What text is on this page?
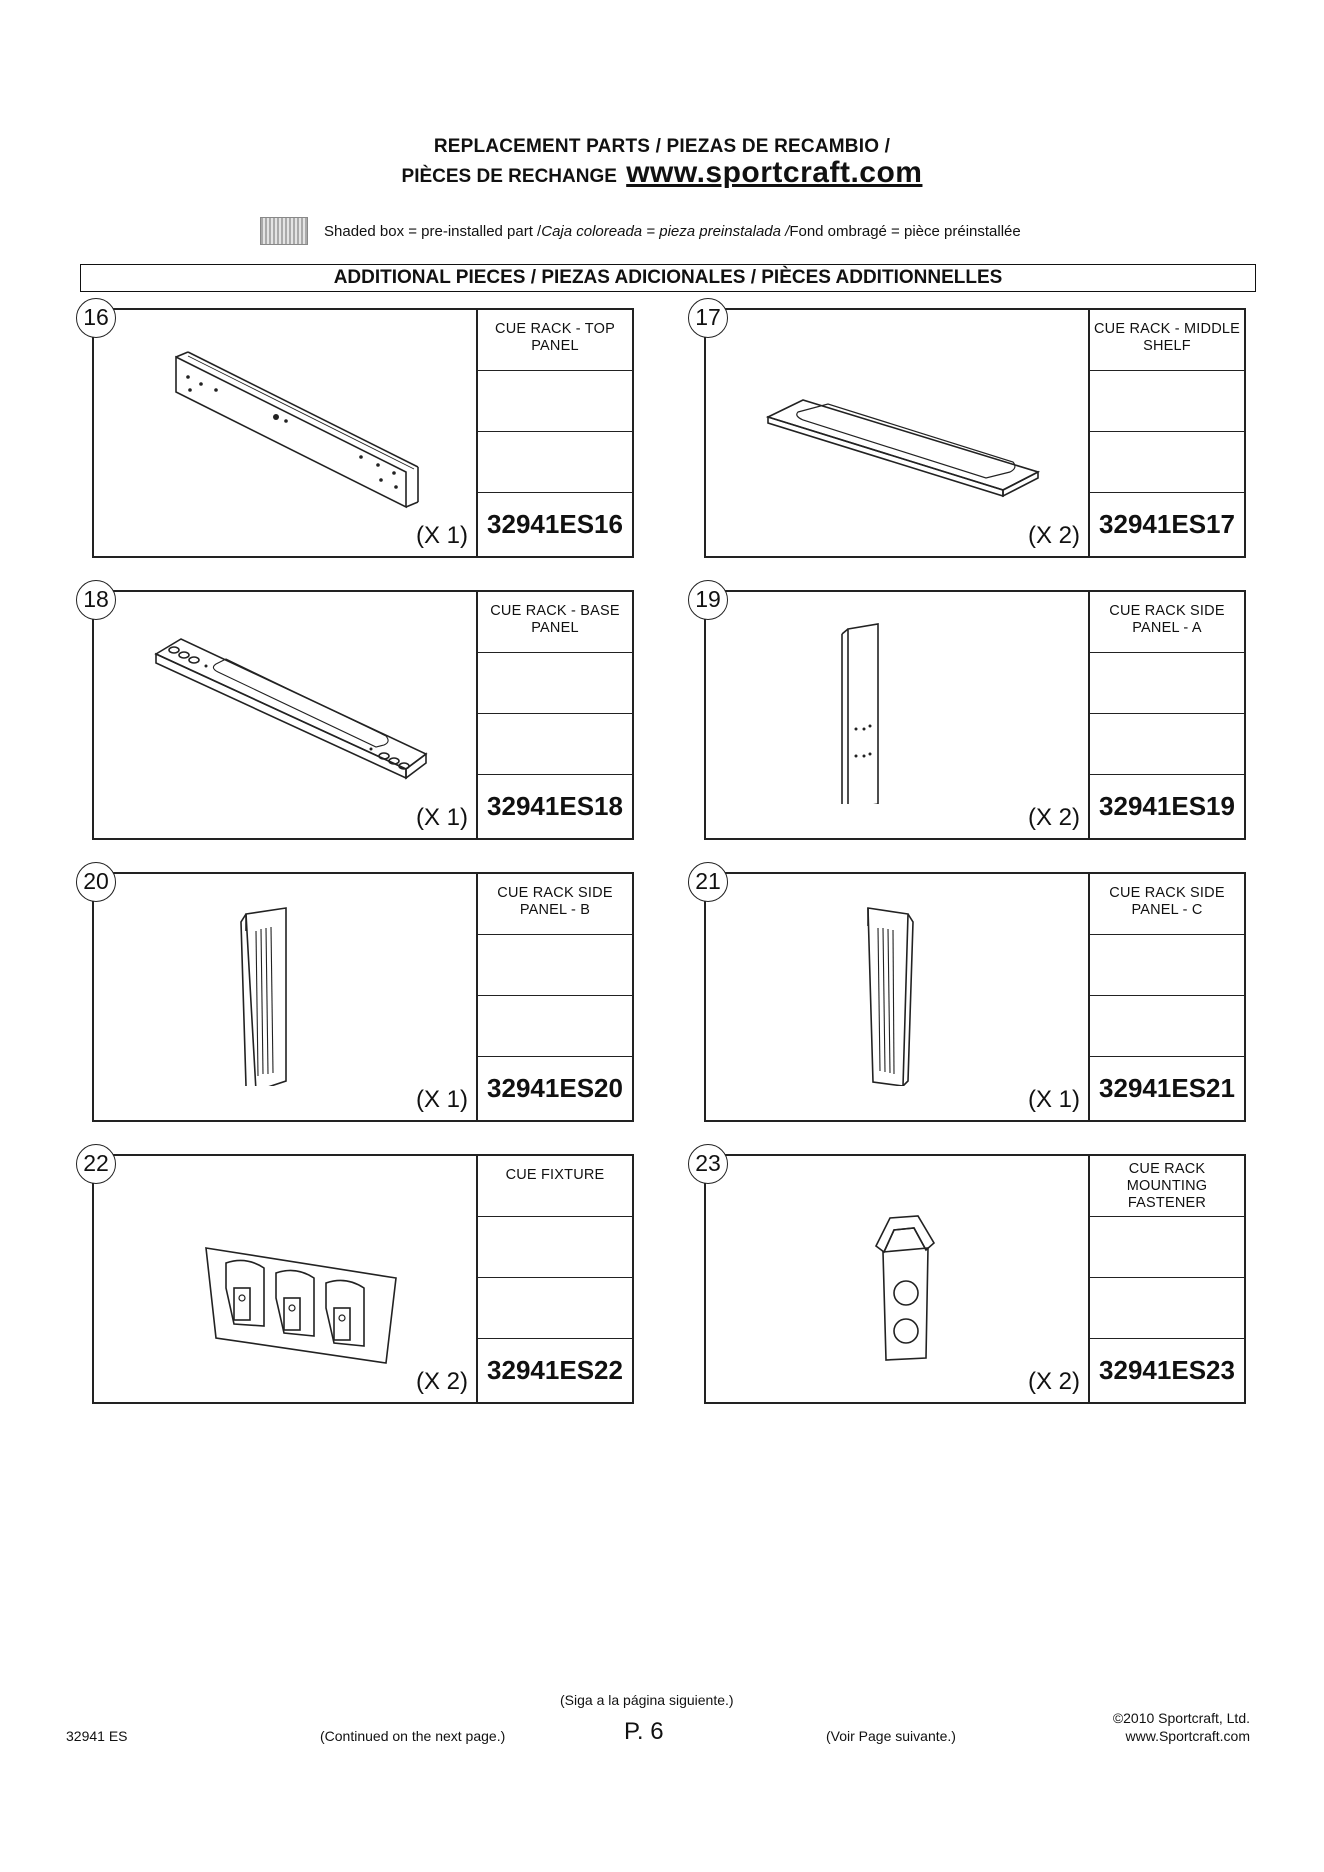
REPLACEMENT PARTS / PIEZAS DE RECAMBIO /
PIÈCES DE RECHANGE www.sportcraft.com
Shaded box = pre-installed part / Caja coloreada = pieza preinstalada / Fond ombragé = pièce préinstallée
ADDITIONAL PIECES / PIEZAS ADICIONALES / PIÈCES ADDITIONNELLES
16
(X 1)
CUE RACK - TOP PANEL
32941ES16
17
(X 2)
CUE RACK - MIDDLE SHELF
32941ES17
18
(X 1)
CUE RACK - BASE PANEL
32941ES18
19
(X 2)
CUE RACK SIDE PANEL - A
32941ES19
20
(X 1)
CUE RACK SIDE PANEL - B
32941ES20
21
(X 1)
CUE RACK SIDE PANEL - C
32941ES21
22
(X 2)
CUE FIXTURE
32941ES22
23
(X 2)
CUE RACK MOUNTING FASTENER
32941ES23
32941 ES	(Continued on the next page.)
(Siga a la página siguiente.)
P. 6	(Voir Page suivante.)
©2010 Sportcraft, Ltd.
www.Sportcraft.com
